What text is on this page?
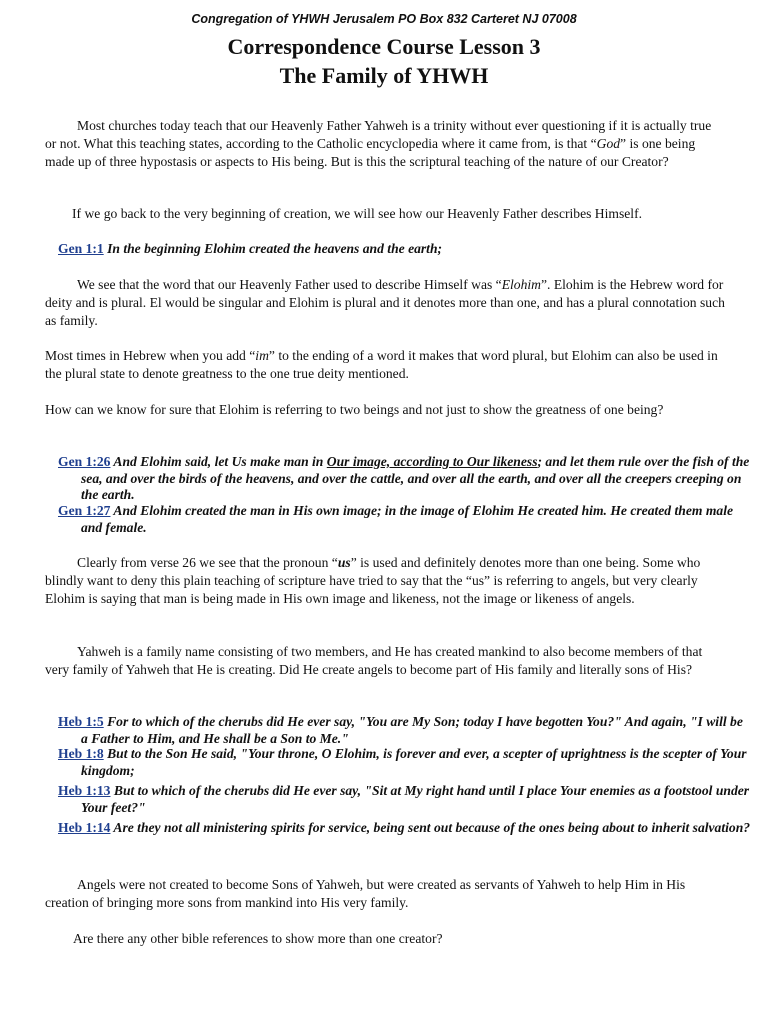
Congregation of YHWH Jerusalem PO Box 832 Carteret NJ 07008
Correspondence Course Lesson 3
The Family of YHWH
Most churches today teach that our Heavenly Father Yahweh is a trinity without ever questioning if it is actually true or not. What this teaching states, according to the Catholic encyclopedia where it came from, is that “God” is one being made up of three hypostasis or aspects to His being. But is this the scriptural teaching of the nature of our Creator?
If we go back to the very beginning of creation, we will see how our Heavenly Father describes Himself.
Gen 1:1 In the beginning Elohim created the heavens and the earth;
We see that the word that our Heavenly Father used to describe Himself was “Elohim”. Elohim is the Hebrew word for deity and is plural. El would be singular and Elohim is plural and it denotes more than one, and has a plural connotation such as family.
Most times in Hebrew when you add “im” to the ending of a word it makes that word plural, but Elohim can also be used in the plural state to denote greatness to the one true deity mentioned.
How can we know for sure that Elohim is referring to two beings and not just to show the greatness of one being?
Gen 1:26 And Elohim said, let Us make man in Our image, according to Our likeness; and let them rule over the fish of the sea, and over the birds of the heavens, and over the cattle, and over all the earth, and over all the creepers creeping on the earth.
Gen 1:27 And Elohim created the man in His own image; in the image of Elohim He created him. He created them male and female.
Clearly from verse 26 we see that the pronoun “us” is used and definitely denotes more than one being. Some who blindly want to deny this plain teaching of scripture have tried to say that the “us” is referring to angels, but very clearly Elohim is saying that man is being made in His own image and likeness, not the image or likeness of angels.
Yahweh is a family name consisting of two members, and He has created mankind to also become members of that very family of Yahweh that He is creating. Did He create angels to become part of His family and literally sons of His?
Heb 1:5 For to which of the cherubs did He ever say, "You are My Son; today I have begotten You?" And again, "I will be a Father to Him, and He shall be a Son to Me."
Heb 1:8 But to the Son He said, "Your throne, O Elohim, is forever and ever, a scepter of uprightness is the scepter of Your kingdom;
Heb 1:13 But to which of the cherubs did He ever say, "Sit at My right hand until I place Your enemies as a footstool under Your feet?"
Heb 1:14 Are they not all ministering spirits for service, being sent out because of the ones being about to inherit salvation?
Angels were not created to become Sons of Yahweh, but were created as servants of Yahweh to help Him in His creation of bringing more sons from mankind into His very family.
Are there any other bible references to show more than one creator?
